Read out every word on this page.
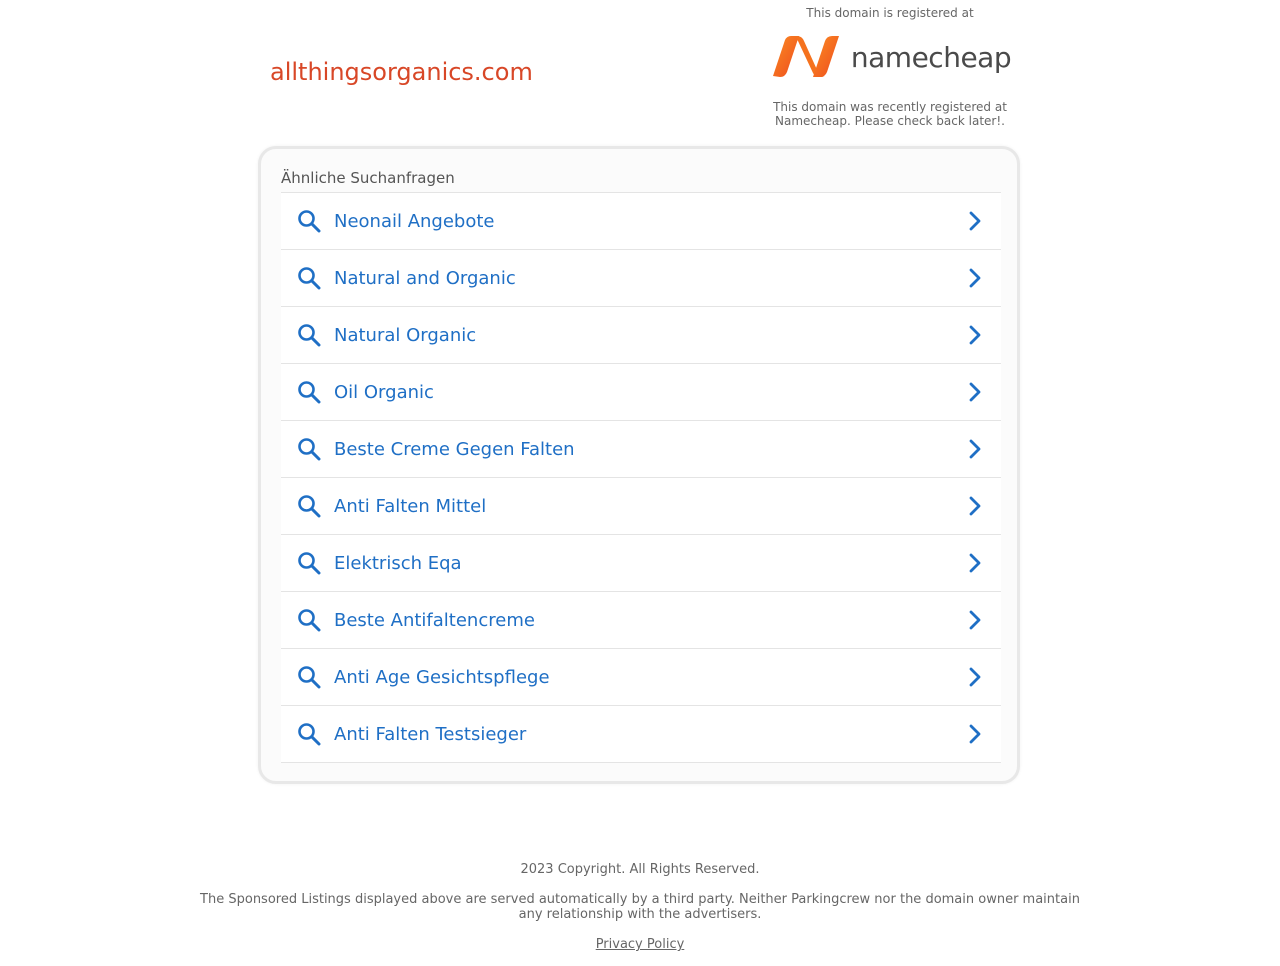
allthingsorganics.com
This domain is registered at
namecheap
This domain was recently registered at Namecheap. Please check back later!.
Ähnliche Suchanfragen
Neonail Angebote
Natural and Organic
Natural Organic
Oil Organic
Beste Creme Gegen Falten
Anti Falten Mittel
Elektrisch Eqa
Beste Antifaltencreme
Anti Age Gesichtspflege
Anti Falten Testsieger
2023 Copyright. All Rights Reserved.
The Sponsored Listings displayed above are served automatically by a third party. Neither Parkingcrew nor the domain owner maintain any relationship with the advertisers.
Privacy Policy
